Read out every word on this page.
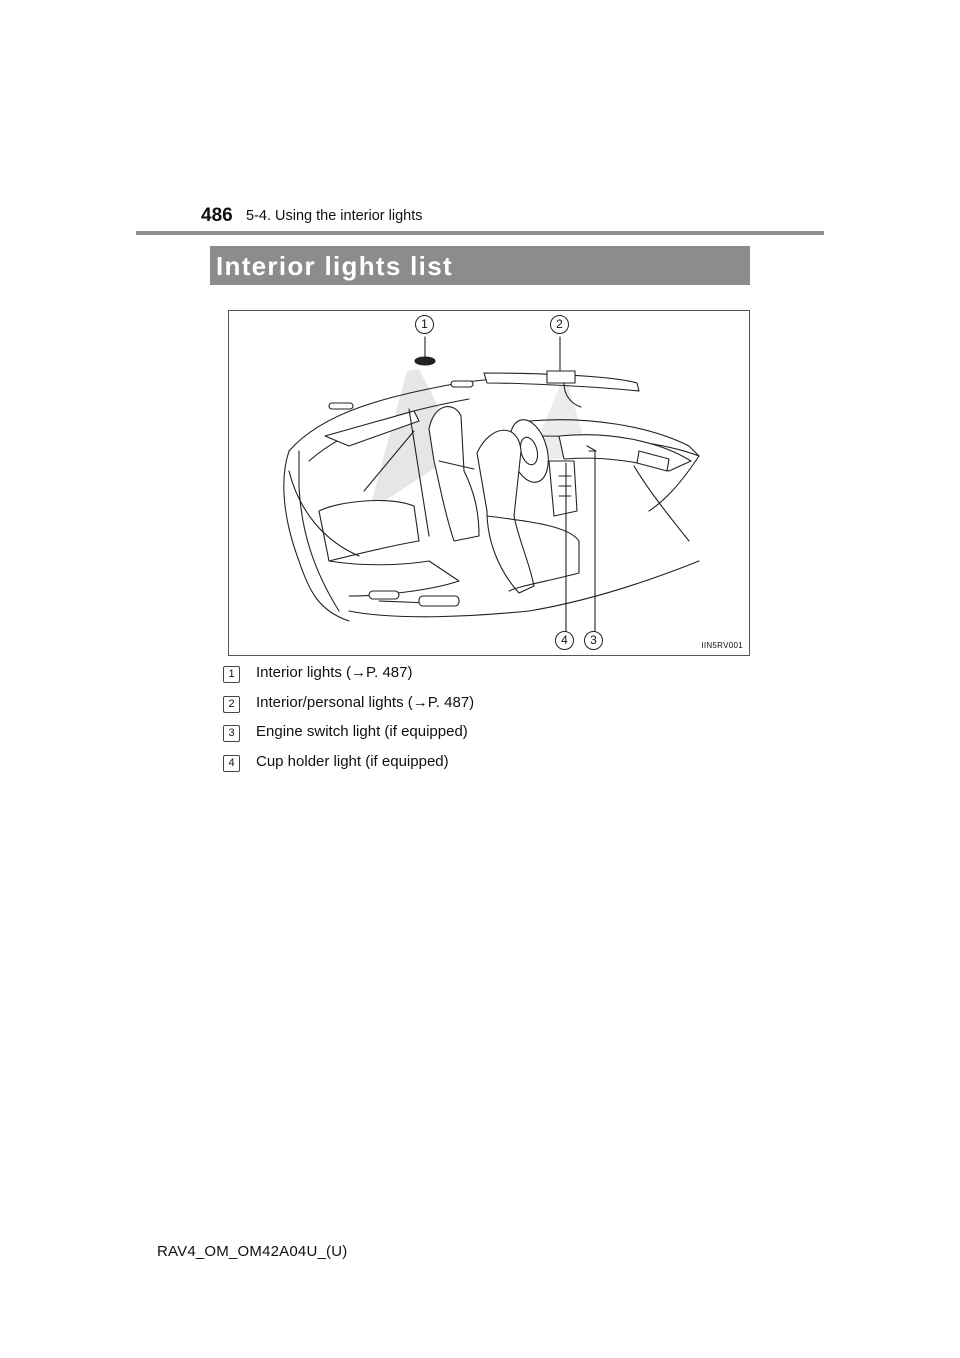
486 5-4. Using the interior lights
Interior lights list
1	2
4	3	IIN5RV001
1	Interior lights (→P. 487)
2	Interior/personal lights (→P. 487)
3	Engine switch light (if equipped)
4	Cup holder light (if equipped)
RAV4_OM_OM42A04U_(U)
